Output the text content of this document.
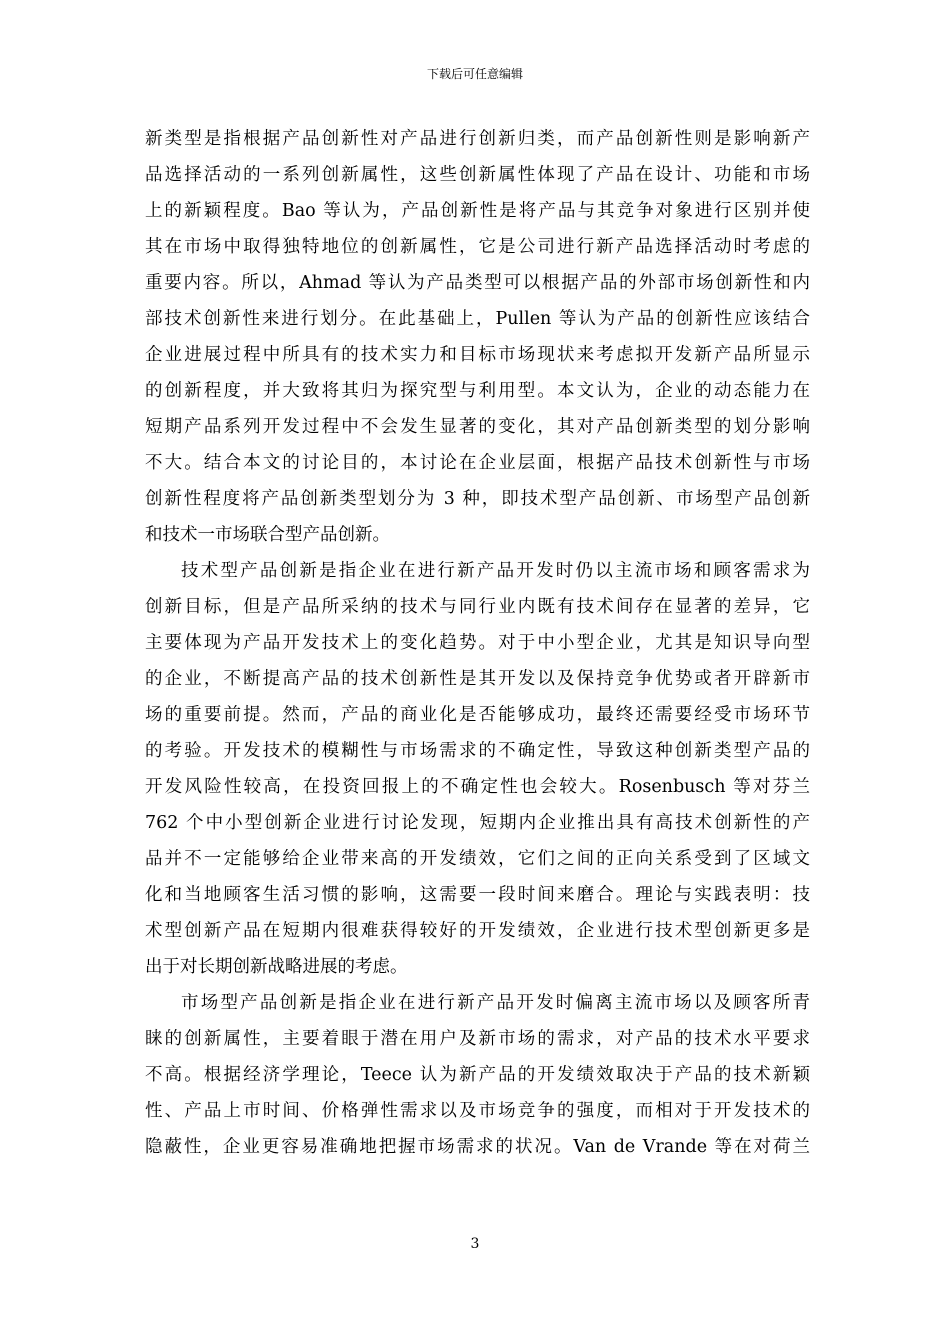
下载后可任意编辑
新类型是指根据产品创新性对产品进行创新归类，而产品创新性则是影响新产
品选择活动的一系列创新属性，这些创新属性体现了产品在设计、功能和市场
上的新颖程度。Bao 等认为，产品创新性是将产品与其竞争对象进行区别并使
其在市场中取得独特地位的创新属性，它是公司进行新产品选择活动时考虑的
重要内容。所以，Ahmad 等认为产品类型可以根据产品的外部市场创新性和内
部技术创新性来进行划分。在此基础上，Pullen 等认为产品的创新性应该结合
企业进展过程中所具有的技术实力和目标市场现状来考虑拟开发新产品所显示
的创新程度，并大致将其归为探究型与利用型。本文认为，企业的动态能力在
短期产品系列开发过程中不会发生显著的变化，其对产品创新类型的划分影响
不大。结合本文的讨论目的，本讨论在企业层面，根据产品技术创新性与市场
创新性程度将产品创新类型划分为 3 种，即技术型产品创新、市场型产品创新
和技术一市场联合型产品创新。
技术型产品创新是指企业在进行新产品开发时仍以主流市场和顾客需求为
创新目标，但是产品所采纳的技术与同行业内既有技术间存在显著的差异，它
主要体现为产品开发技术上的变化趋势。对于中小型企业，尤其是知识导向型
的企业，不断提高产品的技术创新性是其开发以及保持竞争优势或者开辟新市
场的重要前提。然而，产品的商业化是否能够成功，最终还需要经受市场环节
的考验。开发技术的模糊性与市场需求的不确定性，导致这种创新类型产品的
开发风险性较高，在投资回报上的不确定性也会较大。Rosenbusch 等对芬兰
762 个中小型创新企业进行讨论发现，短期内企业推出具有高技术创新性的产
品并不一定能够给企业带来高的开发绩效，它们之间的正向关系受到了区域文
化和当地顾客生活习惯的影响，这需要一段时间来磨合。理论与实践表明：技
术型创新产品在短期内很难获得较好的开发绩效，企业进行技术型创新更多是
出于对长期创新战略进展的考虑。
市场型产品创新是指企业在进行新产品开发时偏离主流市场以及顾客所青
睐的创新属性，主要着眼于潜在用户及新市场的需求，对产品的技术水平要求
不高。根据经济学理论，Teece 认为新产品的开发绩效取决于产品的技术新颖
性、产品上市时间、价格弹性需求以及市场竞争的强度，而相对于开发技术的
隐蔽性，企业更容易准确地把握市场需求的状况。Van de Vrande 等在对荷兰
3
